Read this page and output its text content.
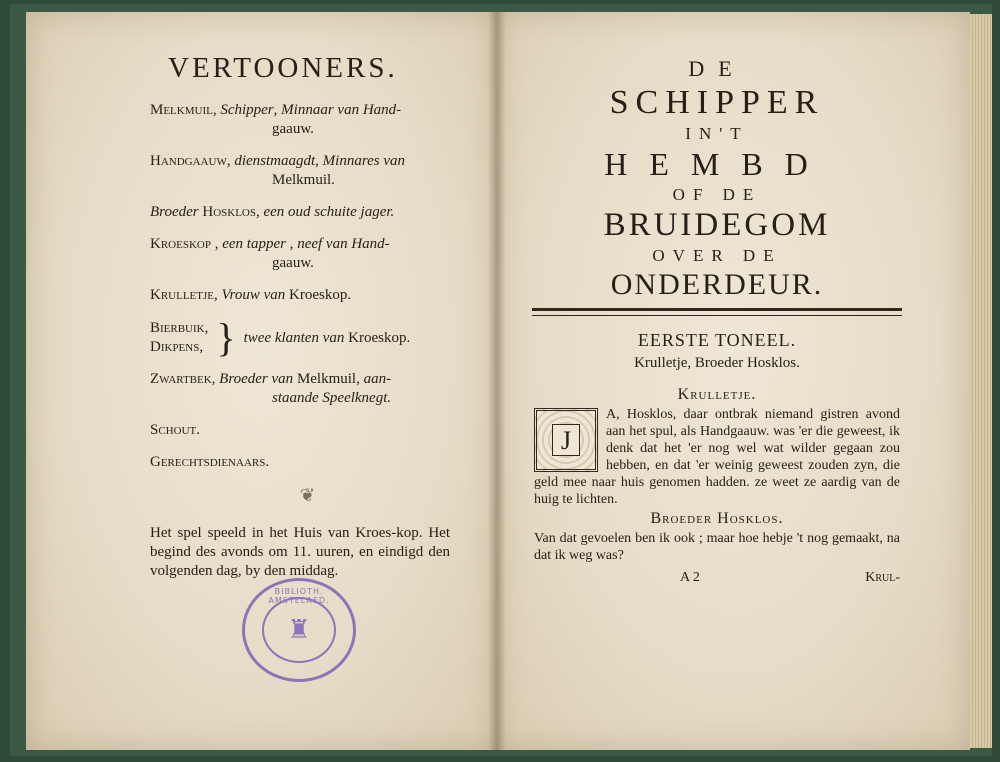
VERTOONERS.
Melkmuil, Schipper, Minnaar van Hand-
gaauw.
Handgaauw, dienstmaagdt, Minnares van
Melkmuil.
Broeder Hosklos, een oud schuite jager.
Kroeskop , een tapper , neef van Hand-
gaauw.
Krulletje, Vrouw van Kroeskop.
Bierbuik,
Dikpens, } twee klanten van
Kroeskop.
Zwartbek, Broeder van Melkmuil, aan-
staande Speelknegt.
Schout.
Gerechtsdienaars.
❦

Het spel speeld in het Huis van Kroes-kop. Het begind des avonds om 11. uuren, en eindigd den volgenden dag, by den middag.

BIBLIOTH. AMSTELAED.
♜
DE
SCHIPPER
IN'T
HEMBD
OF DE
BRUIDEGOM
OVER DE
ONDERDEUR.
EERSTE TONEEL.
Krulletje, Broeder Hosklos.
Krulletje.
J
A, Hosklos, daar ontbrak niemand gistren avond aan het spul, als Handgaauw. was 'er die geweest, ik denk dat het 'er nog wel wat wilder gegaan zou hebben, en dat 'er weinig geweest zouden zyn, die geld mee naar huis genomen hadden. ze weet ze aardig van de huig te lichten.
Broeder Hosklos.
Van dat gevoelen ben ik ook ; maar hoe hebje 't nog gemaakt, na dat ik weg was?
A 2	Krul-
